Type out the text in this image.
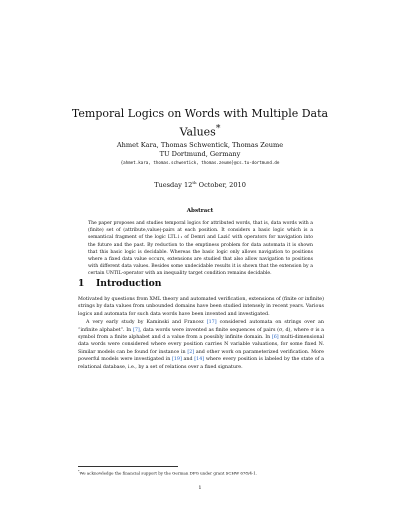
Temporal Logics on Words with Multiple Data Values*
Ahmet Kara, Thomas Schwentick, Thomas Zeume
TU Dortmund, Germany
{ahmet.kara, thomas.schwentick, thomas.zeume}@cs.tu-dortmund.de
Tuesday 12th October, 2010
Abstract
The paper proposes and studies temporal logics for attributed words, that is, data words with a (finite) set of (attribute,value)-pairs at each position. It considers a basic logic which is a semantical fragment of the logic LTL↓₁ of Demri and Lazić with operators for navigation into the future and the past. By reduction to the emptiness problem for data automata it is shown that this basic logic is decidable. Whereas the basic logic only allows navigation to positions where a fixed data value occurs, extensions are studied that also allow navigation to positions with different data values. Besides some undecidable results it is shown that the extension by a certain UNTIL-operator with an inequality target condition remains decidable.
1 Introduction

Motivated by questions from XML theory and automated verification, extensions of (finite or infinite) strings by data values from unbounded domains have been studied intensely in recent years. Various logics and automata for such data words have been invented and investigated.

A very early study by Kaminski and Francez [17] considered automata on strings over an “infinite alphabet”. In [7], data words were invented as finite sequences of pairs (σ, d), where σ is a symbol from a finite alphabet and d a value from a possibly infinite domain. In [6] multi-dimensional data words were considered where every position carries N variable valuations, for some fixed N. Similar models can be found for instance in [2] and other work on parameterized verification. More powerful models were investigated in [19] and [14] where every position is labeled by the state of a relational database, i.e., by a set of relations over a fixed signature.

*We acknowledge the financial support by the German DFG under grant SCHW 678/4-1.
1
